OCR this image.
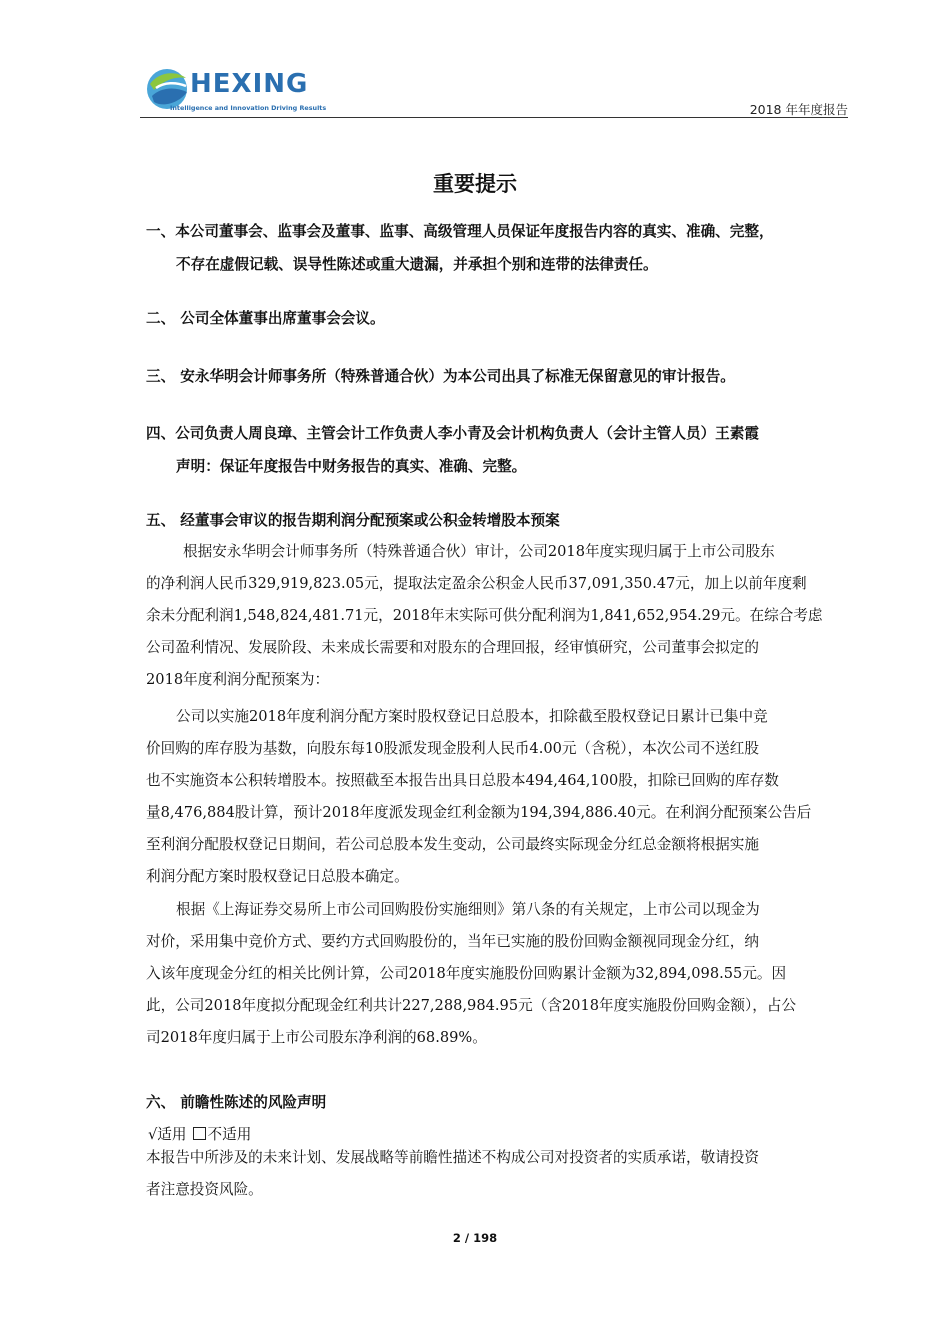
HEXING
Intelligence and Innovation Driving Results	2018 年年度报告
重要提示
一、本公司董事会、监事会及董事、监事、高级管理人员保证年度报告内容的真实、准确、完整，
不存在虚假记载、误导性陈述或重大遗漏，并承担个别和连带的法律责任。
二、 公司全体董事出席董事会会议。
三、 安永华明会计师事务所（特殊普通合伙）为本公司出具了标准无保留意见的审计报告。
四、公司负责人周良璋、主管会计工作负责人李小青及会计机构负责人（会计主管人员）王素霞
声明：保证年度报告中财务报告的真实、准确、完整。
五、 经董事会审议的报告期利润分配预案或公积金转增股本预案
根据安永华明会计师事务所（特殊普通合伙）审计，公司2018年度实现归属于上市公司股东
的净利润人民币329,919,823.05元，提取法定盈余公积金人民币37,091,350.47元，加上以前年度剩
余未分配利润1,548,824,481.71元，2018年末实际可供分配利润为1,841,652,954.29元。在综合考虑
公司盈利情况、发展阶段、未来成长需要和对股东的合理回报，经审慎研究，公司董事会拟定的
2018年度利润分配预案为：
公司以实施2018年度利润分配方案时股权登记日总股本，扣除截至股权登记日累计已集中竞
价回购的库存股为基数，向股东每10股派发现金股利人民币4.00元（含税），本次公司不送红股
也不实施资本公积转增股本。按照截至本报告出具日总股本494,464,100股，扣除已回购的库存数
量8,476,884股计算，预计2018年度派发现金红利金额为194,394,886.40元。在利润分配预案公告后
至利润分配股权登记日期间，若公司总股本发生变动，公司最终实际现金分红总金额将根据实施
利润分配方案时股权登记日总股本确定。
根据《上海证券交易所上市公司回购股份实施细则》第八条的有关规定，上市公司以现金为
对价，采用集中竞价方式、要约方式回购股份的，当年已实施的股份回购金额视同现金分红，纳
入该年度现金分红的相关比例计算，公司2018年度实施股份回购累计金额为32,894,098.55元。因
此，公司2018年度拟分配现金红利共计227,288,984.95元（含2018年度实施股份回购金额），占公
司2018年度归属于上市公司股东净利润的68.89%。
六、 前瞻性陈述的风险声明
√适用 不适用
本报告中所涉及的未来计划、发展战略等前瞻性描述不构成公司对投资者的实质承诺，敬请投资
者注意投资风险。
2 / 198
